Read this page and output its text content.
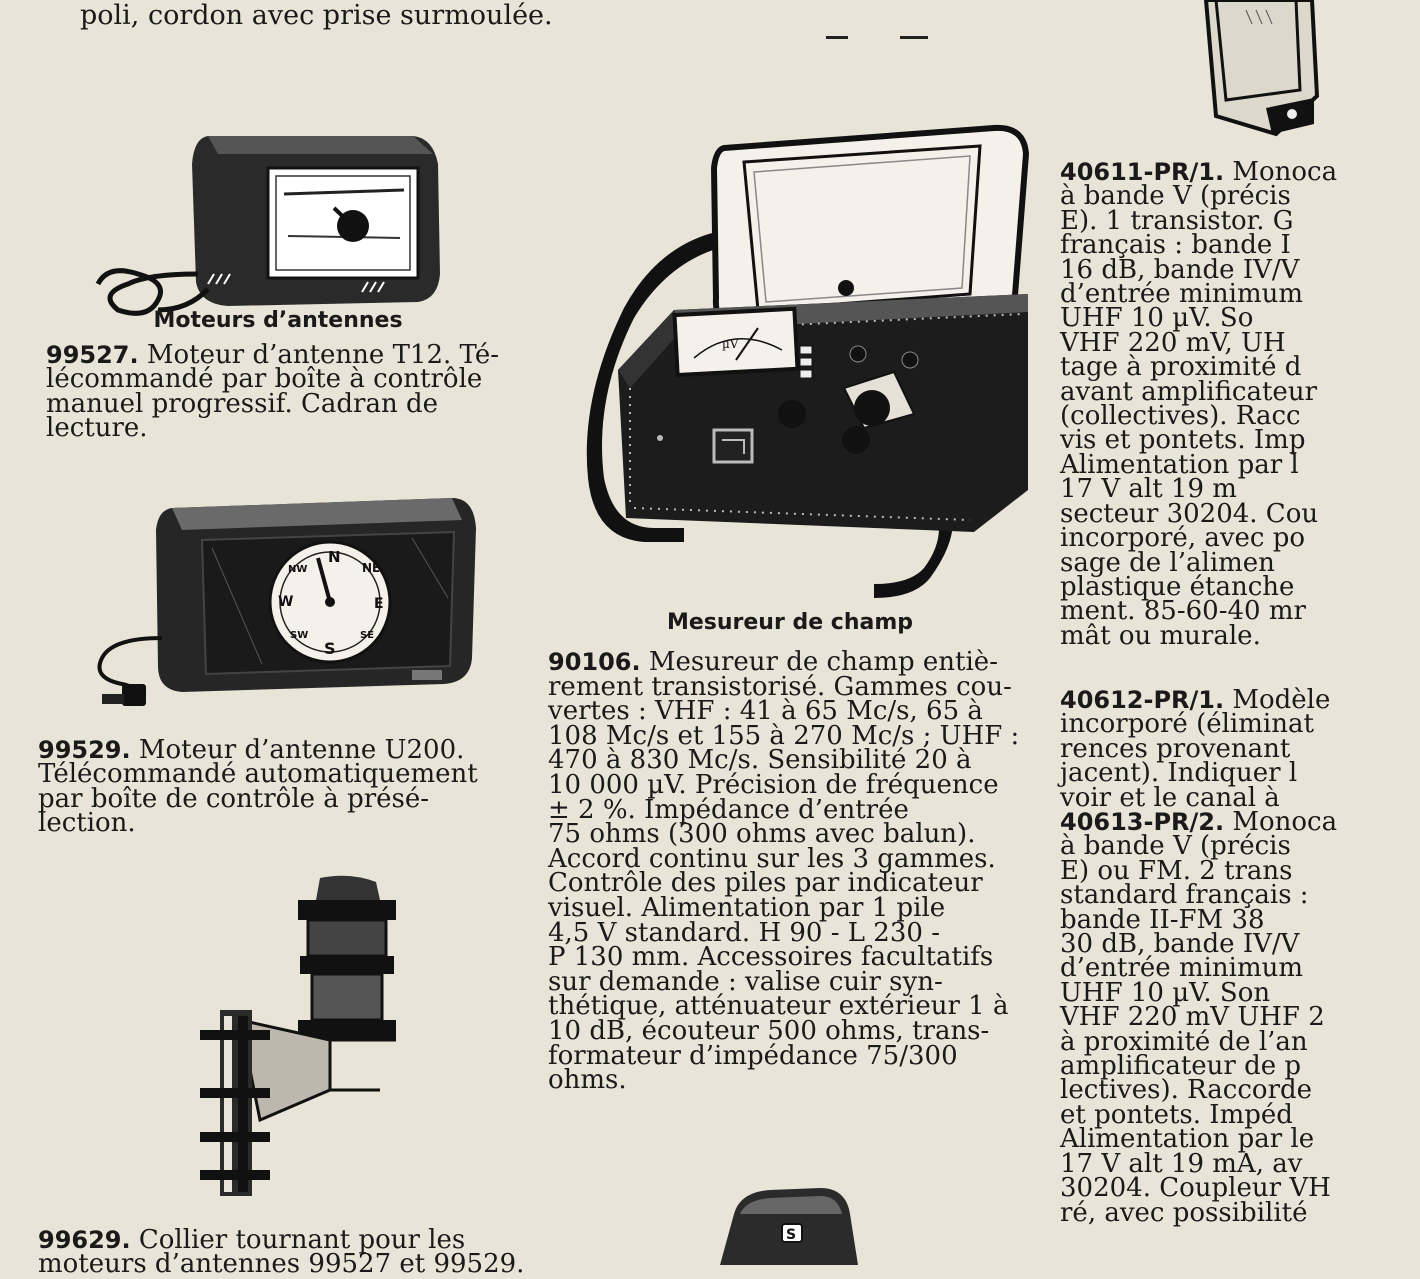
poli, cordon avec prise surmoulée.

Moteurs d’antennes

99527. Moteur d’antenne T12. Té-
lécommandé par boîte à contrôle
manuel progressif. Cadran de
lecture.

N
NE
E
SE
S
SW
W
NW

99529. Moteur d’antenne U200.
Télécommandé automatiquement
par boîte de contrôle à présé-
lection.

99629. Collier tournant pour les
moteurs d’antennes 99527 et 99529.

µV
Mesureur de champ

90106. Mesureur de champ entiè-
rement transistorisé. Gammes cou-
vertes : VHF : 41 à 65 Mc/s, 65 à
108 Mc/s et 155 à 270 Mc/s ; UHF :
470 à 830 Mc/s. Sensibilité 20 à
10 000 µV. Précision de fréquence
± 2 %. Impédance d’entrée
75 ohms (300 ohms avec balun).
Accord continu sur les 3 gammes.
Contrôle des piles par indicateur
visuel. Alimentation par 1 pile
4,5 V standard. H 90 - L 230 -
P 130 mm. Accessoires facultatifs
sur demande : valise cuir syn-
thétique, atténuateur extérieur 1 à
10 dB, écouteur 500 ohms, trans-
formateur d’impédance 75/300
ohms.

S

40611-PR/1. Monoca
à bande V (précis
E). 1 transistor. G
français : bande I
16 dB, bande IV/V
d’entrée minimum
UHF 10 µV. So
VHF 220 mV, UH
tage à proximité d
avant amplificateur
(collectives). Racc
vis et pontets. Imp
Alimentation par l
17 V alt 19 m
secteur 30204. Cou
incorporé, avec po
sage de l’alimen
plastique étanche
ment. 85-60-40 mr
mât ou murale.

40612-PR/1. Modèle
incorporé (éliminat
rences provenant
jacent). Indiquer l
voir et le canal à

40613-PR/2. Monoca
à bande V (précis
E) ou FM. 2 trans
standard français :
bande II-FM 38
30 dB, bande IV/V
d’entrée minimum
UHF 10 µV. Son
VHF 220 mV UHF 2
à proximité de l’an
amplificateur de p
lectives). Raccorde
et pontets. Impéd
Alimentation par le
17 V alt 19 mA, av
30204. Coupleur VH
ré, avec possibilité
